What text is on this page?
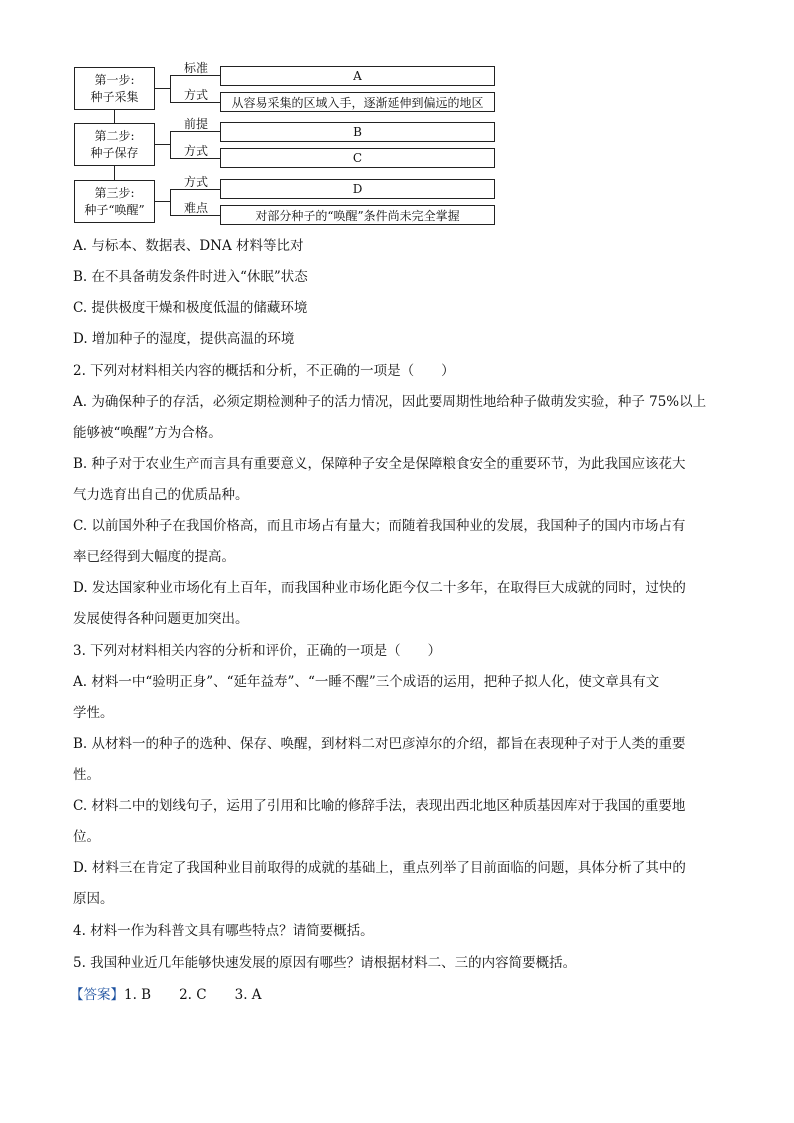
第一步:
种子采集
标准
方式
A
从容易采集的区域入手，逐渐延伸到偏远的地区
第二步:
种子保存
前提
方式
B
C
第三步:
种子“唤醒”
方式
难点
D
对部分种子的“唤醒”条件尚未完全掌握
A. 与标本、数据表、DNA 材料等比对
B. 在不具备萌发条件时进入“休眠”状态
C. 提供极度干燥和极度低温的储藏环境
D. 增加种子的湿度，提供高温的环境
2. 下列对材料相关内容的概括和分析，不正确的一项是（　　）
A. 为确保种子的存活，必须定期检测种子的活力情况，因此要周期性地给种子做萌发实验，种子 75%以上
能够被“唤醒”方为合格。
B. 种子对于农业生产而言具有重要意义，保障种子安全是保障粮食安全的重要环节，为此我国应该花大
气力选育出自己的优质品种。
C. 以前国外种子在我国价格高，而且市场占有量大；而随着我国种业的发展，我国种子的国内市场占有
率已经得到大幅度的提高。
D. 发达国家种业市场化有上百年，而我国种业市场化距今仅二十多年，在取得巨大成就的同时，过快的
发展使得各种问题更加突出。
3. 下列对材料相关内容的分析和评价，正确的一项是（　　）
A. 材料一中“验明正身”、“延年益寿”、“一睡不醒”三个成语的运用，把种子拟人化，使文章具有文
学性。
B. 从材料一的种子的选种、保存、唤醒，到材料二对巴彦淖尔的介绍，都旨在表现种子对于人类的重要
性。
C. 材料二中的划线句子，运用了引用和比喻的修辞手法，表现出西北地区种质基因库对于我国的重要地
位。
D. 材料三在肯定了我国种业目前取得的成就的基础上，重点列举了目前面临的问题，具体分析了其中的
原因。
4. 材料一作为科普文具有哪些特点？请简要概括。
5. 我国种业近几年能够快速发展的原因有哪些？请根据材料二、三的内容简要概括。
【答案】1. B 2. C 3. A
